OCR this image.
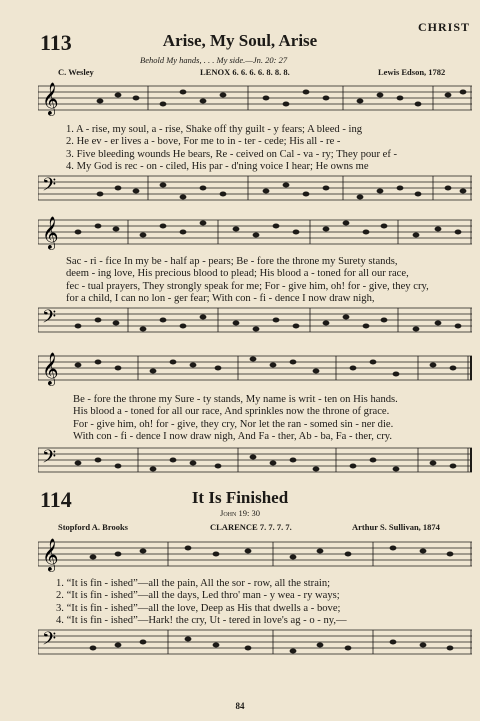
CHRIST
113	Arise, My Soul, Arise
Behold My hands, . . . My side.—Jn. 20: 27
C. Wesley	LENOX 6. 6. 6. 6. 8. 8. 8.	Lewis Edson, 1782
𝄞
1. A - rise, my soul, a - rise, Shake off thy guilt - y fears; A bleed - ing
2. He ev - er lives a - bove, For me to in - ter - cede; His all - re -
3. Five bleeding wounds He bears, Re - ceived on Cal - va - ry; They pour ef -
4. My God is rec - on - ciled, His par - d'ning voice I hear; He owns me
𝄢
𝄞
Sac - ri - fice In my be - half ap - pears; Be - fore the throne my Surety stands,
deem - ing love, His precious blood to plead; His blood a - toned for all our race,
fec - tual prayers, They strongly speak for me; For - give him, oh! for - give, they cry,
for a child, I can no lon - ger fear; With con - fi - dence I now draw nigh,
𝄢
𝄞
Be - fore the throne my Sure - ty stands, My name is writ - ten on His hands.
His blood a - toned for all our race, And sprinkles now the throne of grace.
For - give him, oh! for - give, they cry, Nor let the ran - somed sin - ner die.
With con - fi - dence I now draw nigh, And Fa - ther, Ab - ba, Fa - ther, cry.
𝄢
114	It Is Finished
John 19: 30
Stopford A. Brooks	CLARENCE 7. 7. 7. 7.	Arthur S. Sullivan, 1874
𝄞
1. “It is fin - ished”—all the pain, All the sor - row, all the strain;
2. “It is fin - ished”—all the days, Led thro' man - y wea - ry ways;
3. “It is fin - ished”—all the love, Deep as His that dwells a - bove;
4. “It is fin - ished”—Hark! the cry, Ut - tered in love's ag - o - ny,—
𝄢
84
